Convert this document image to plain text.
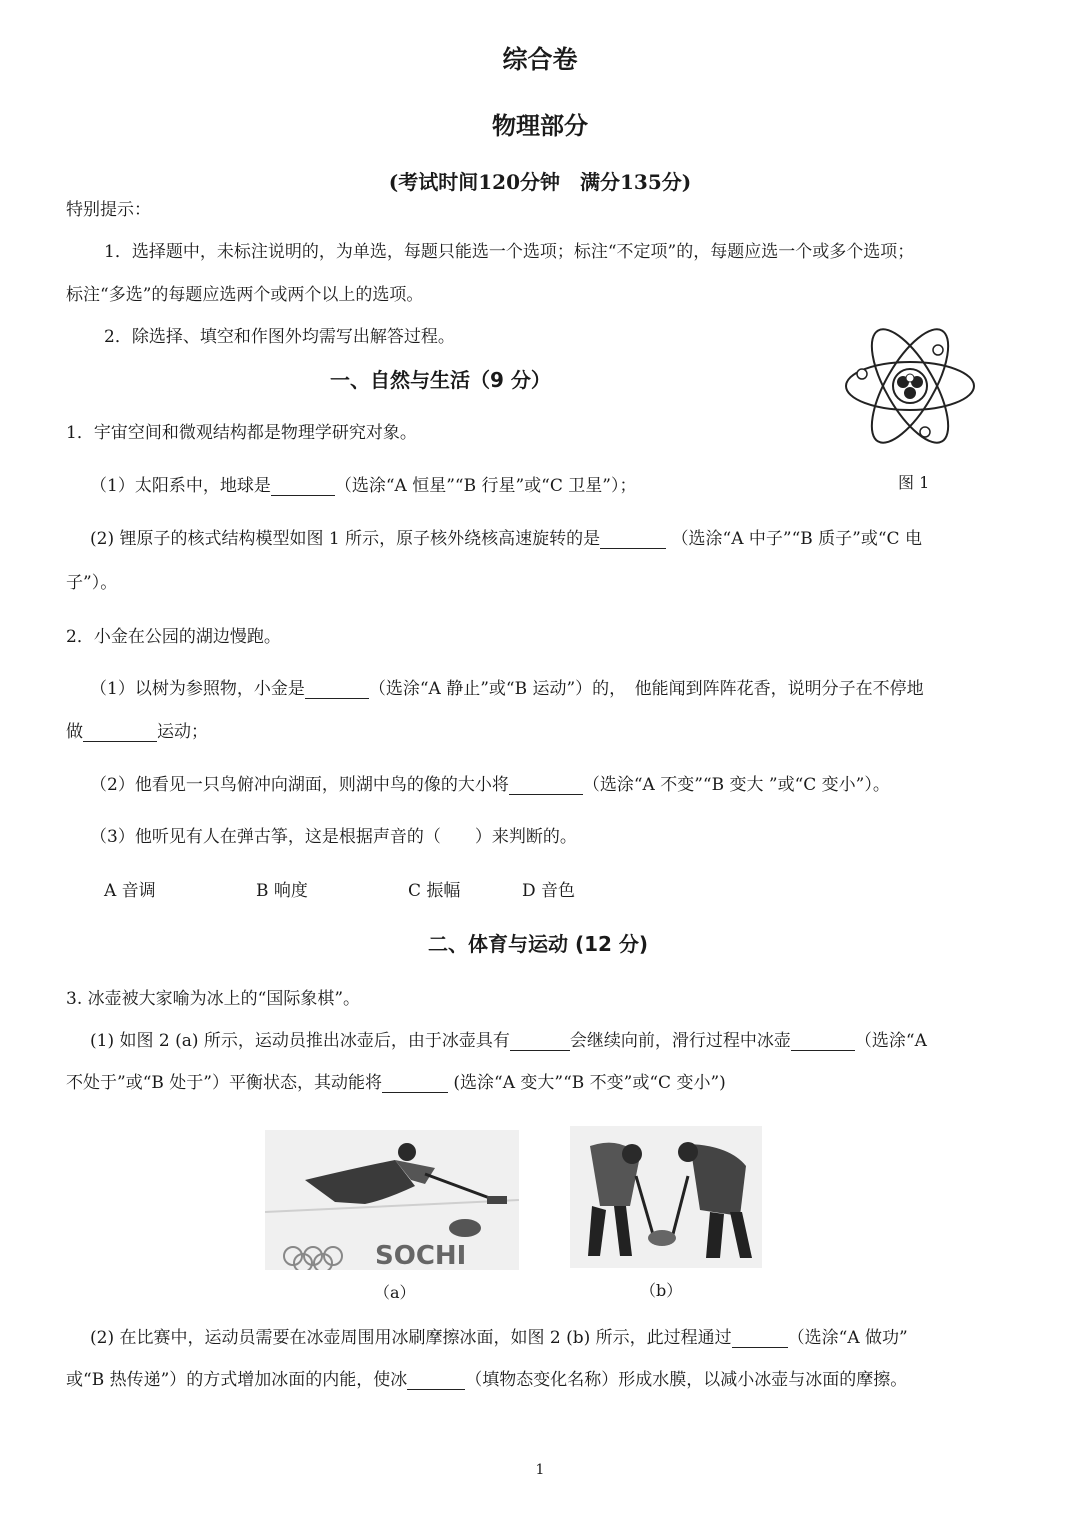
综合卷
物理部分
(考试时间120分钟　满分135分)
特别提示：
1．选择题中，未标注说明的，为单选，每题只能选一个选项；标注“不定项”的，每题应选一个或多个选项；
标注“多选”的每题应选两个或两个以上的选项。
2．除选择、填空和作图外均需写出解答过程。
图 1
一、自然与生活（9 分）
1．宇宙空间和微观结构都是物理学研究对象。
（1）太阳系中，地球是	（选涂“A 恒星”“B 行星”或“C 卫星”）；
(2) 锂原子的核式结构模型如图 1 所示，原子核外绕核高速旋转的是	（选涂“A 中子”“B 质子”或“C 电
子”）。
2．小金在公园的湖边慢跑。
（1）以树为参照物，小金是	（选涂“A 静止”或“B 运动”）的，　他能闻到阵阵花香，说明分子在不停地
做	运动；
（2）他看见一只鸟俯冲向湖面，则湖中鸟的像的大小将	（选涂“A 不变”“B 变大 ”或“C 变小”）。
（3）他听见有人在弹古筝，这是根据声音的（　　）来判断的。
A 音调	B 响度	C 振幅	D 音色
二、体育与运动 (12 分)
3. 冰壶被大家喻为冰上的“国际象棋”。
(1) 如图 2 (a) 所示，运动员推出冰壶后，由于冰壶具有	会继续向前，滑行过程中冰壶	（选涂“A
不处于”或“B 处于”）平衡状态，其动能将	(选涂“A 变大”“B 不变”或“C 变小”)
SOCHI
（a）	（b）
(2) 在比赛中，运动员需要在冰壶周围用冰刷摩擦冰面，如图 2 (b) 所示，此过程通过	（选涂“A 做功”
或“B 热传递”）的方式增加冰面的内能，使冰	（填物态变化名称）形成水膜，以减小冰壶与冰面的摩擦。
1
